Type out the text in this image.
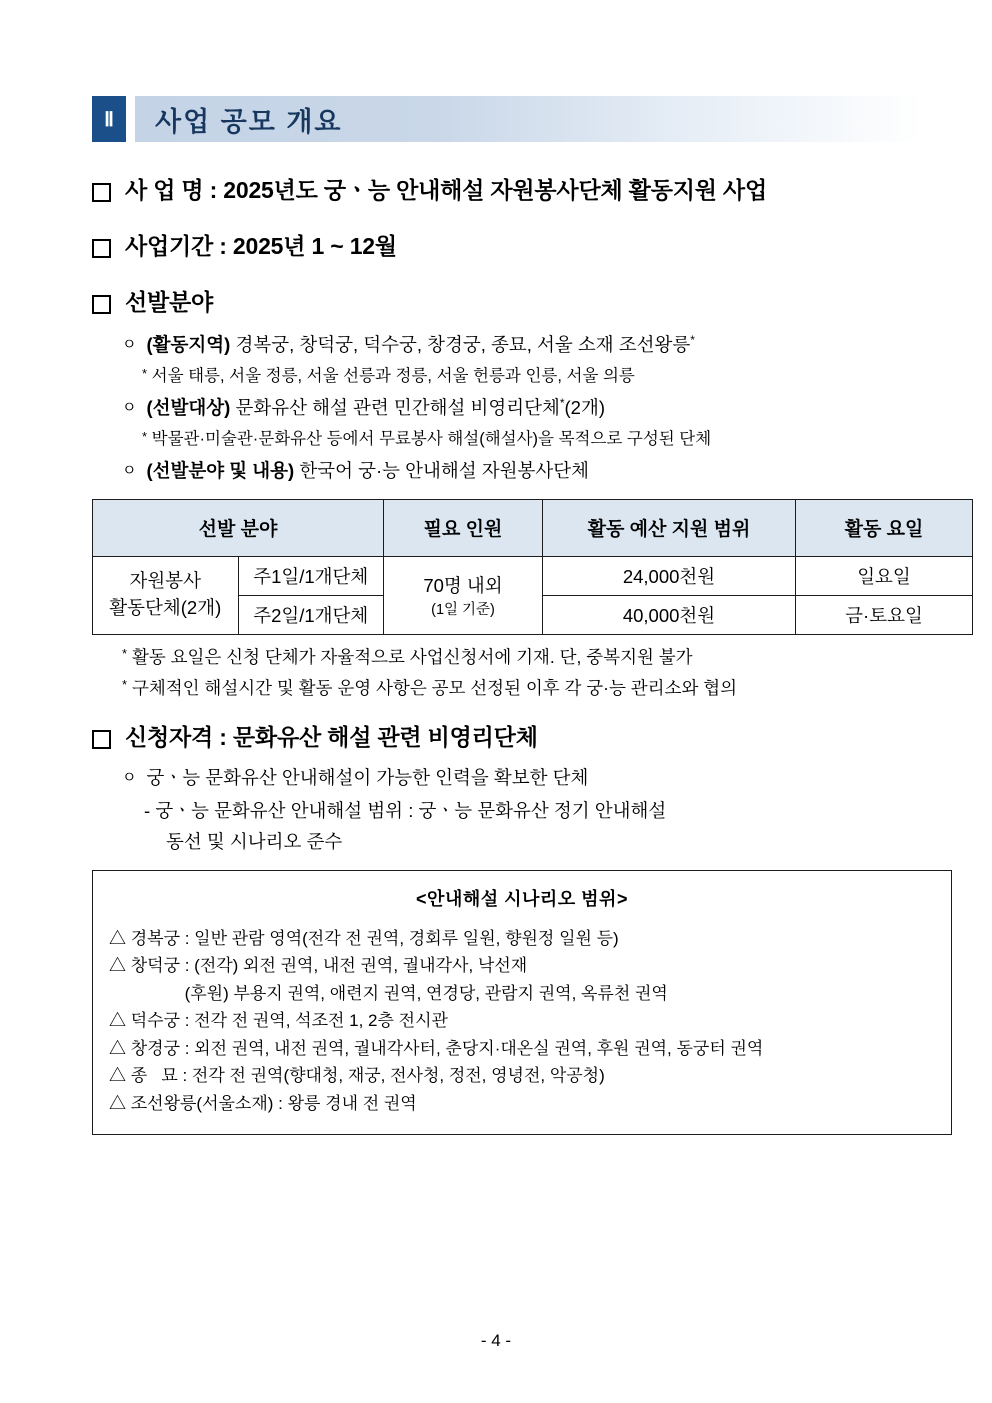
Ⅱ	사업 공모 개요
사 업 명 : 2025년도 궁ㆍ능 안내해설 자원봉사단체 활동지원 사업
사업기간 : 2025년 1 ~ 12월
선발분야
ㅇ (활동지역) 경복궁, 창덕궁, 덕수궁, 창경궁, 종묘, 서울 소재 조선왕릉*
* 서울 태릉, 서울 정릉, 서울 선릉과 정릉, 서울 헌릉과 인릉, 서울 의릉
ㅇ (선발대상) 문화유산 해설 관련 민간해설 비영리단체*(2개)
* 박물관·미술관·문화유산 등에서 무료봉사 해설(해설사)을 목적으로 구성된 단체
ㅇ (선발분야 및 내용) 한국어 궁·능 안내해설 자원봉사단체
선발 분야		필요 인원	활동 예산 지원 범위	활동 요일

자원봉사
활동단체(2개)
	주1일/1개단체	70명 내외
(1일 기준)
	24,000천원	일요일
	주2일/1개단체		40,000천원	금·토요일
* 활동 요일은 신청 단체가 자율적으로 사업신청서에 기재. 단, 중복지원 불가
* 구체적인 해설시간 및 활동 운영 사항은 공모 선정된 이후 각 궁·능 관리소와 협의
신청자격 : 문화유산 해설 관련 비영리단체
ㅇ 궁ㆍ능 문화유산 안내해설이 가능한 인력을 확보한 단체
- 궁ㆍ능 문화유산 안내해설 범위 : 궁ㆍ능 문화유산 정기 안내해설
동선 및 시나리오 준수
<안내해설 시나리오 범위>
△ 경복궁 : 일반 관람 영역(전각 전 권역, 경회루 일원, 향원정 일원 등)
△ 창덕궁 : (전각) 외전 권역, 내전 권역, 궐내각사, 낙선재
(후원) 부용지 권역, 애련지 권역, 연경당, 관람지 권역, 옥류천 권역
△ 덕수궁 : 전각 전 권역, 석조전 1, 2층 전시관
△ 창경궁 : 외전 권역, 내전 권역, 궐내각사터, 춘당지·대온실 권역, 후원 권역, 동궁터 권역
△ 종   묘 : 전각 전 권역(향대청, 재궁, 전사청, 정전, 영녕전, 악공청)
△ 조선왕릉(서울소재) : 왕릉 경내 전 권역
- 4 -
